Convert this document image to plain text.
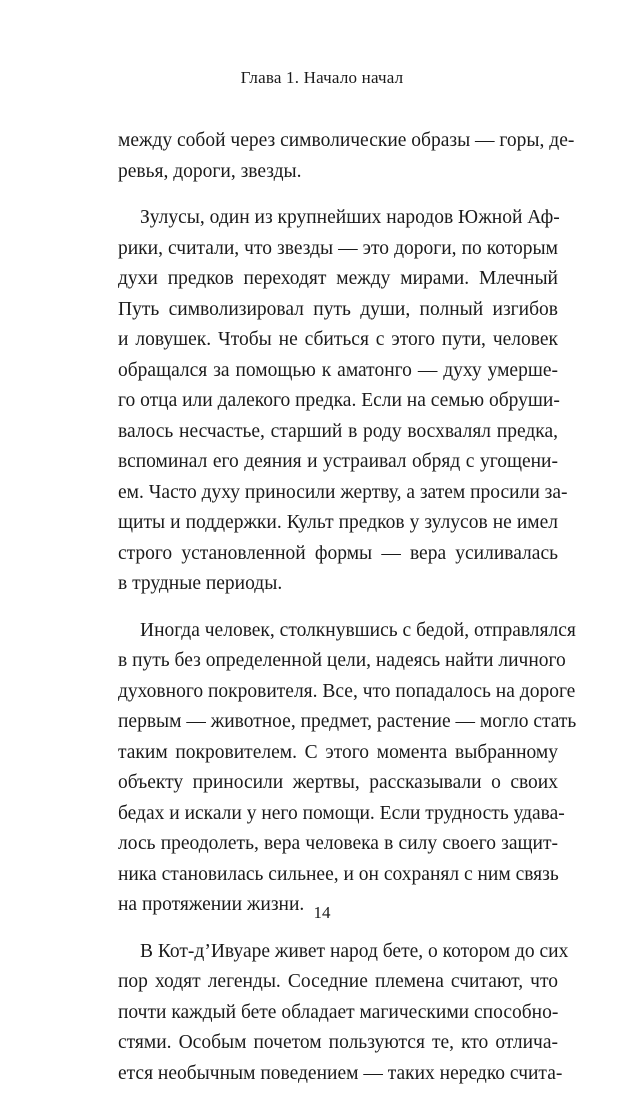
Глава 1. Начало начал

между собой через символические образы — горы, де-
ревья, дороги, звезды.

Зулусы, один из крупнейших народов Южной Аф-
рики, считали, что звезды — это дороги, по которым
духи предков переходят между мирами. Млечный
Путь символизировал путь души, полный изгибов
и ловушек. Чтобы не сбиться с этого пути, человек
обращался за помощью к аматонго — духу умерше-
го отца или далекого предка. Если на семью обруши-
валось несчастье, старший в роду восхвалял предка,
вспоминал его деяния и устраивал обряд с угощени-
ем. Часто духу приносили жертву, а затем просили за-
щиты и поддержки. Культ предков у зулусов не имел
строго установленной формы — вера усиливалась
в трудные периоды.

Иногда человек, столкнувшись с бедой, отправлялся
в путь без определенной цели, надеясь найти личного
духовного покровителя. Все, что попадалось на дороге
первым — животное, предмет, растение — могло стать
таким покровителем. С этого момента выбранному
объекту приносили жертвы, рассказывали о своих
бедах и искали у него помощи. Если трудность удава-
лось преодолеть, вера человека в силу своего защит-
ника становилась сильнее, и он сохранял с ним связь
на протяжении жизни.

В Кот-д’Ивуаре живет народ бете, о котором до сих
пор ходят легенды. Соседние племена считают, что
почти каждый бете обладает магическими способно-
стями. Особым почетом пользуются те, кто отлича-
ется необычным поведением — таких нередко счита-

14
